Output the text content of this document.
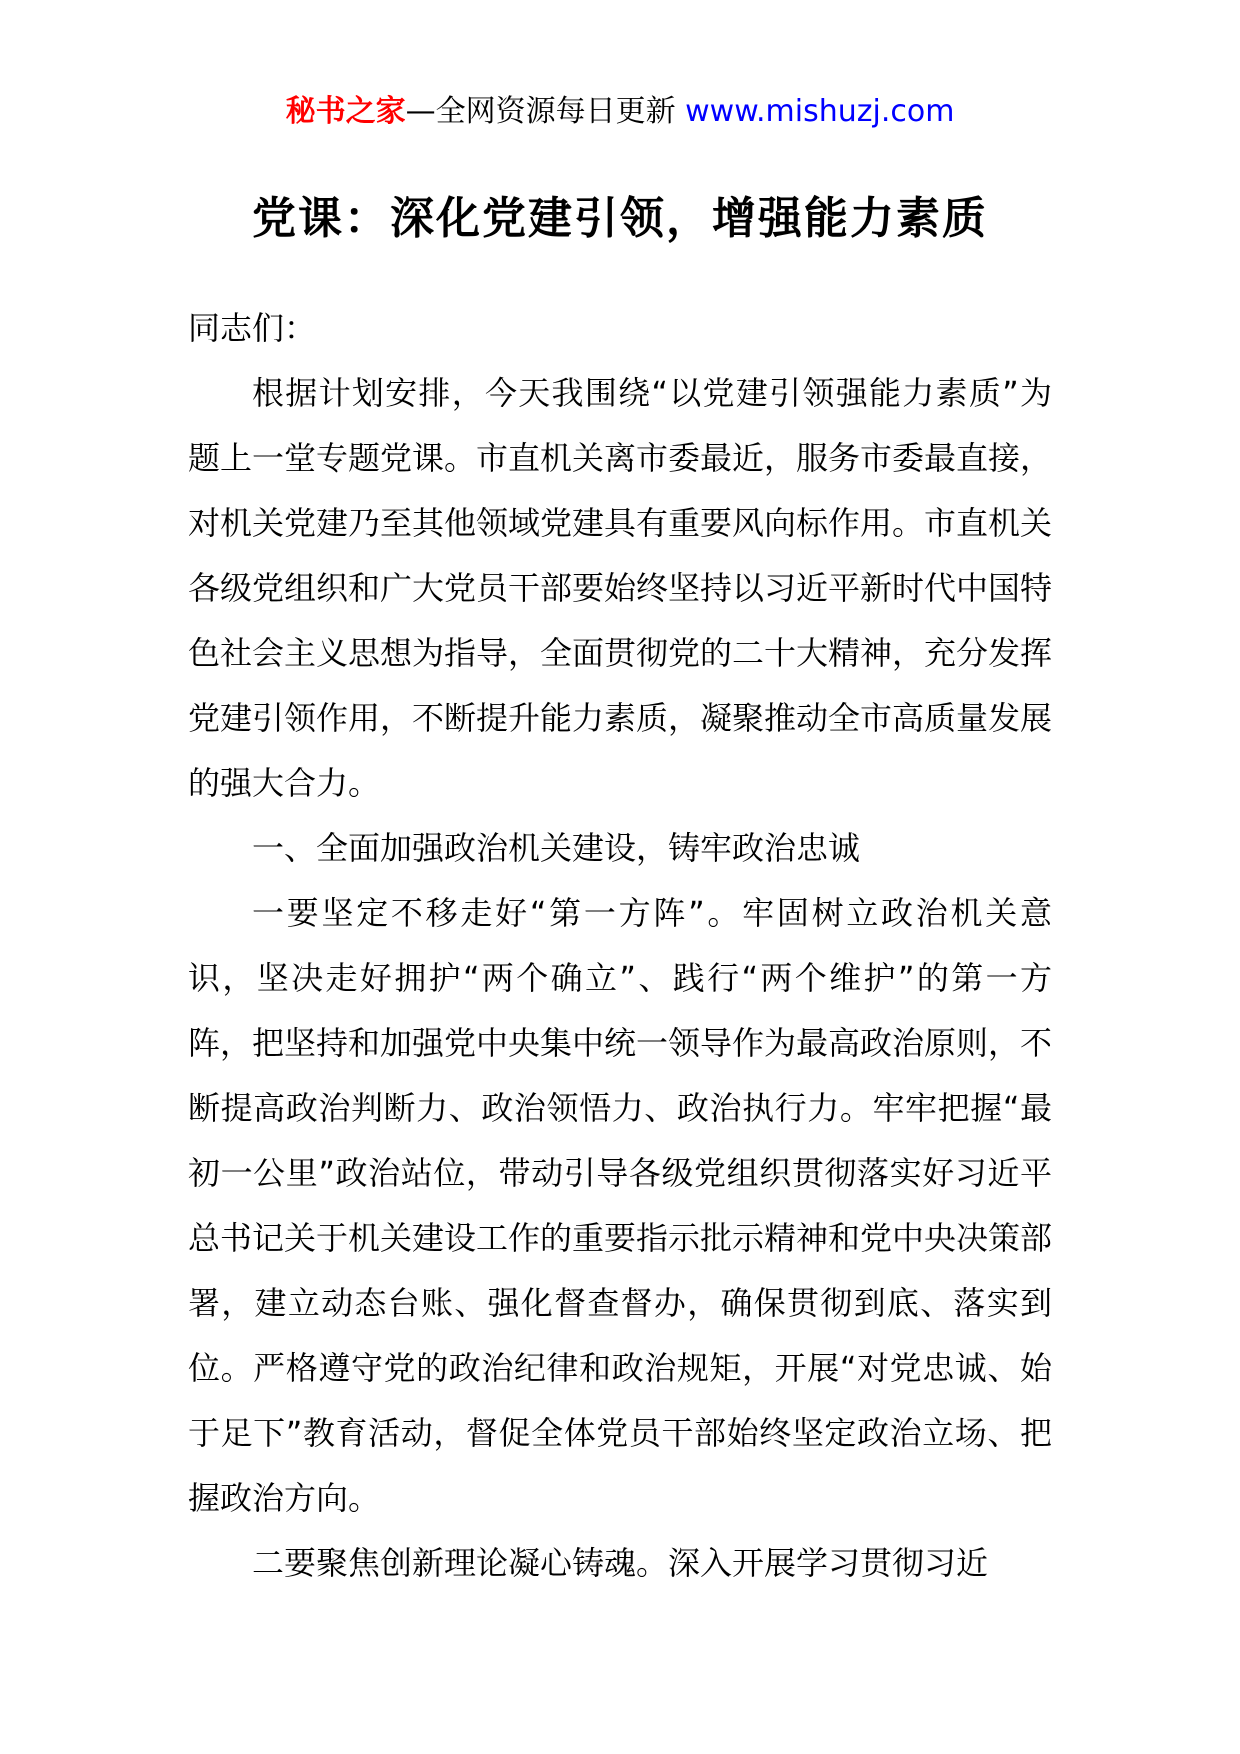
秘书之家—全网资源每日更新 www.mishuzj.com
党课：深化党建引领，增强能力素质

同志们：

根据计划安排，今天我围绕“以党建引领强能力素质”为题上一堂专题党课。市直机关离市委最近，服务市委最直接，对机关党建乃至其他领域党建具有重要风向标作用。市直机关各级党组织和广大党员干部要始终坚持以习近平新时代中国特色社会主义思想为指导，全面贯彻党的二十大精神，充分发挥党建引领作用，不断提升能力素质，凝聚推动全市高质量发展的强大合力。

一、全面加强政治机关建设，铸牢政治忠诚

一要坚定不移走好“第一方阵”。牢固树立政治机关意识，坚决走好拥护“两个确立”、践行“两个维护”的第一方阵，把坚持和加强党中央集中统一领导作为最高政治原则，不断提高政治判断力、政治领悟力、政治执行力。牢牢把握“最初一公里”政治站位，带动引导各级党组织贯彻落实好习近平总书记关于机关建设工作的重要指示批示精神和党中央决策部署，建立动态台账、强化督查督办，确保贯彻到底、落实到位。严格遵守党的政治纪律和政治规矩，开展“对党忠诚、始于足下”教育活动，督促全体党员干部始终坚定政治立场、把握政治方向。

二要聚焦创新理论凝心铸魂。深入开展学习贯彻习近
